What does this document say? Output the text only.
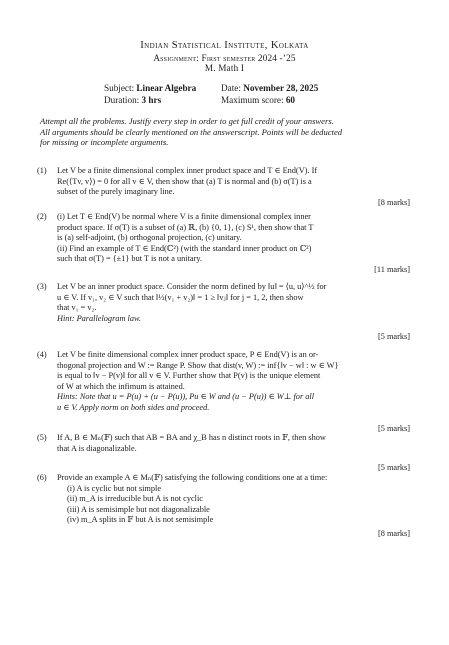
Indian Statistical Institute, Kolkata
Assignment: First semester 2024 -’25
M. Math I
Subject: Linear Algebra	Date: November 28, 2025
Duration: 3 hrs	Maximum score: 60
Attempt all the problems. Justify every step in order to get full credit of your answers.
All arguments should be clearly mentioned on the answerscript. Points will be deducted
for missing or incomplete arguments.
(1) Let V be a finite dimensional complex inner product space and T ∈ End(V). If
Re(⟨Tv, v⟩) = 0 for all v ∈ V, then show that (a) T is normal and (b) σ(T) is a
subset of the purely imaginary line.
[8 marks]
(2) (i) Let T ∈ End(V) be normal where V is a finite dimensional complex inner
product space. If σ(T) is a subset of (a) ℝ, (b) {0, 1}, (c) S¹, then show that T
is (a) self-adjoint, (b) orthogonal projection, (c) unitary.
(ii) Find an example of T ∈ End(ℂ²) (with the standard inner product on ℂ²)
such that σ(T) = {±1} but T is not a unitary.
[11 marks]
(3) Let V be an inner product space. Consider the norm defined by ‖u‖ = ⟨u, u⟩^½ for
u ∈ V. If v₁, v₂ ∈ V such that ‖½(v₁ + v₂)‖ = 1 ≥ ‖vⱼ‖ for j = 1, 2, then show
that v₁ = v₂.
Hint: Parallelogram law.
[5 marks]
(4) Let V be finite dimensional complex inner product space, P ∈ End(V) is an or-
thogonal projection and W := Range P. Show that dist(v, W) := inf{‖v − w‖ : w ∈ W}
is equal to ‖v − P(v)‖ for all v ∈ V. Further show that P(v) is the unique element
of W at which the infimum is attained.
Hints: Note that u = P(u) + (u − P(u)), Pu ∈ W and (u − P(u)) ∈ W⊥ for all
u ∈ V. Apply norm on both sides and proceed.
[5 marks]
(5) If A, B ∈ Mₙ(𝔽) such that AB = BA and χ_B has n distinct roots in 𝔽, then show
that A is diagonalizable.
[5 marks]
(6) Provide an example A ∈ Mₙ(𝔽) satisfying the following conditions one at a time:
(i) A is cyclic but not simple
(ii) m_A is irreducible but A is not cyclic
(iii) A is semisimple but not diagonalizable
(iv) m_A splits in 𝔽 but A is not semisimple
[8 marks]
